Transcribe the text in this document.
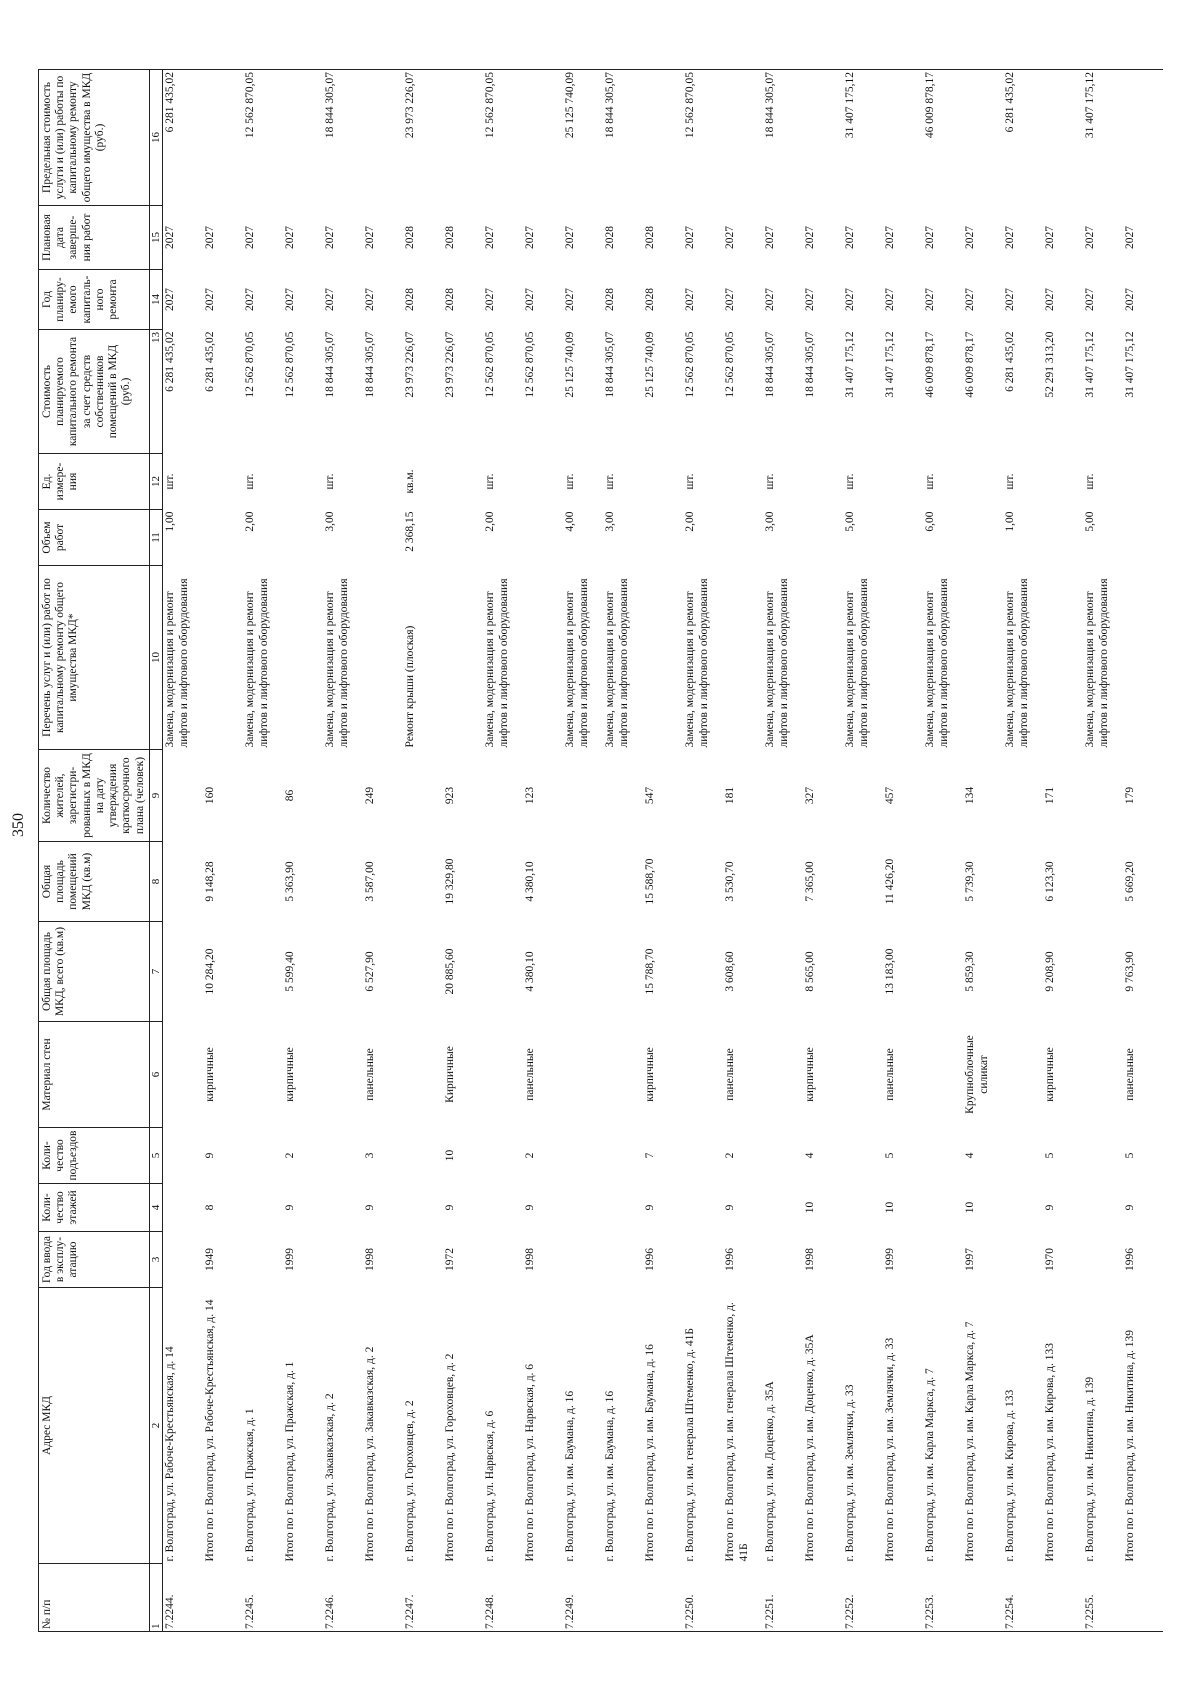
350
№ п/п	Адрес МКД	Год ввода в эксплу-атацию	Коли-чество этажей	Коли-чество подъездов	Материал стен	Общая площадь МКД, всего (кв.м)	Общая площадь помещений МКД (кв.м)	Количество жителей, зарегистри-рованных в МКД на дату утверждения краткосрочного плана (человек)	Перечень услуг и (или) работ по капитальному ремонту общего имущества МКД*	Объем работ	Ед. измере-ния	Стоимость планируемого капитального ремонта за счет средств собственников помещений в МКД (руб.)	Год планиру-емого капиталь-ного ремонта	Плановая дата заверше-ния работ	Предельная стоимость услуги и (или) работы по капитальному ремонту общего имущества в МКД (руб.)
1	2	3	4	5	6	7	8	9	10	11	12	13	14	15	16
7.2244.	г. Волгоград, ул. Рабоче-Крестьянская, д. 14								Замена, модернизация и ремонт лифтов и лифтового оборудования	1,00	шт.	6 281 435,02	2027	2027	6 281 435,02
	Итого по г. Волгоград, ул. Рабоче-Крестьянская, д. 14	1949	8	9	кирпичные	10 284,20	9 148,28	160				6 281 435,02	2027	2027	
7.2245.	г. Волгоград, ул. Пражская, д. 1								Замена, модернизация и ремонт лифтов и лифтового оборудования	2,00	шт.	12 562 870,05	2027	2027	12 562 870,05
	Итого по г. Волгоград, ул. Пражская, д. 1	1999	9	2	кирпичные	5 599,40	5 363,90	86				12 562 870,05	2027	2027	
7.2246.	г. Волгоград, ул. Закавказская, д. 2								Замена, модернизация и ремонт лифтов и лифтового оборудования	3,00	шт.	18 844 305,07	2027	2027	18 844 305,07
	Итого по г. Волгоград, ул. Закавказская, д. 2	1998	9	3	панельные	6 527,90	3 587,00	249				18 844 305,07	2027	2027	
7.2247.	г. Волгоград, ул. Гороховцев, д. 2								Ремонт крыши (плоская)	2 368,15	кв.м.	23 973 226,07	2028	2028	23 973 226,07
	Итого по г. Волгоград, ул. Гороховцев, д. 2	1972	9	10	Кирпичные	20 885,60	19 329,80	923				23 973 226,07	2028	2028	
7.2248.	г. Волгоград, ул. Нарвская, д. 6								Замена, модернизация и ремонт лифтов и лифтового оборудования	2,00	шт.	12 562 870,05	2027	2027	12 562 870,05
	Итого по г. Волгоград, ул. Нарвская, д. 6	1998	9	2	панельные	4 380,10	4 380,10	123				12 562 870,05	2027	2027	
7.2249.	г. Волгоград, ул. им. Баумана, д. 16								Замена, модернизация и ремонт лифтов и лифтового оборудования	4,00	шт.	25 125 740,09	2027	2027	25 125 740,09
	г. Волгоград, ул. им. Баумана, д. 16								Замена, модернизация и ремонт лифтов и лифтового оборудования	3,00	шт.	18 844 305,07	2028	2028	18 844 305,07
	Итого по г. Волгоград, ул. им. Баумана, д. 16	1996	9	7	кирпичные	15 788,70	15 588,70	547				25 125 740,09	2028	2028	
7.2250.	г. Волгоград, ул. им. генерала Штеменко, д. 41Б								Замена, модернизация и ремонт лифтов и лифтового оборудования	2,00	шт.	12 562 870,05	2027	2027	12 562 870,05
	Итого по г. Волгоград, ул. им. генерала Штеменко, д. 41Б	1996	9	2	панельные	3 608,60	3 530,70	181				12 562 870,05	2027	2027	
7.2251.	г. Волгоград, ул. им. Доценко, д. 35А								Замена, модернизация и ремонт лифтов и лифтового оборудования	3,00	шт.	18 844 305,07	2027	2027	18 844 305,07
	Итого по г. Волгоград, ул. им. Доценко, д. 35А	1998	10	4	кирпичные	8 565,00	7 365,00	327				18 844 305,07	2027	2027	
7.2252.	г. Волгоград, ул. им. Землячки, д. 33								Замена, модернизация и ремонт лифтов и лифтового оборудования	5,00	шт.	31 407 175,12	2027	2027	31 407 175,12
	Итого по г. Волгоград, ул. им. Землячки, д. 33	1999	10	5	панельные	13 183,00	11 426,20	457				31 407 175,12	2027	2027	
7.2253.	г. Волгоград, ул. им. Карла Маркса, д. 7								Замена, модернизация и ремонт лифтов и лифтового оборудования	6,00	шт.	46 009 878,17	2027	2027	46 009 878,17
	Итого по г. Волгоград, ул. им. Карла Маркса, д. 7	1997	10	4	Крупноблочные силикат	5 859,30	5 739,30	134				46 009 878,17	2027	2027	
7.2254.	г. Волгоград, ул. им. Кирова, д. 133								Замена, модернизация и ремонт лифтов и лифтового оборудования	1,00	шт.	6 281 435,02	2027	2027	6 281 435,02
	Итого по г. Волгоград, ул. им. Кирова, д. 133	1970	9	5	кирпичные	9 208,90	6 123,30	171				52 291 313,20	2027	2027	
7.2255.	г. Волгоград, ул. им. Никитина, д. 139								Замена, модернизация и ремонт лифтов и лифтового оборудования	5,00	шт.	31 407 175,12	2027	2027	31 407 175,12
	Итого по г. Волгоград, ул. им. Никитина, д. 139	1996	9	5	панельные	9 763,90	5 669,20	179				31 407 175,12	2027	2027	
